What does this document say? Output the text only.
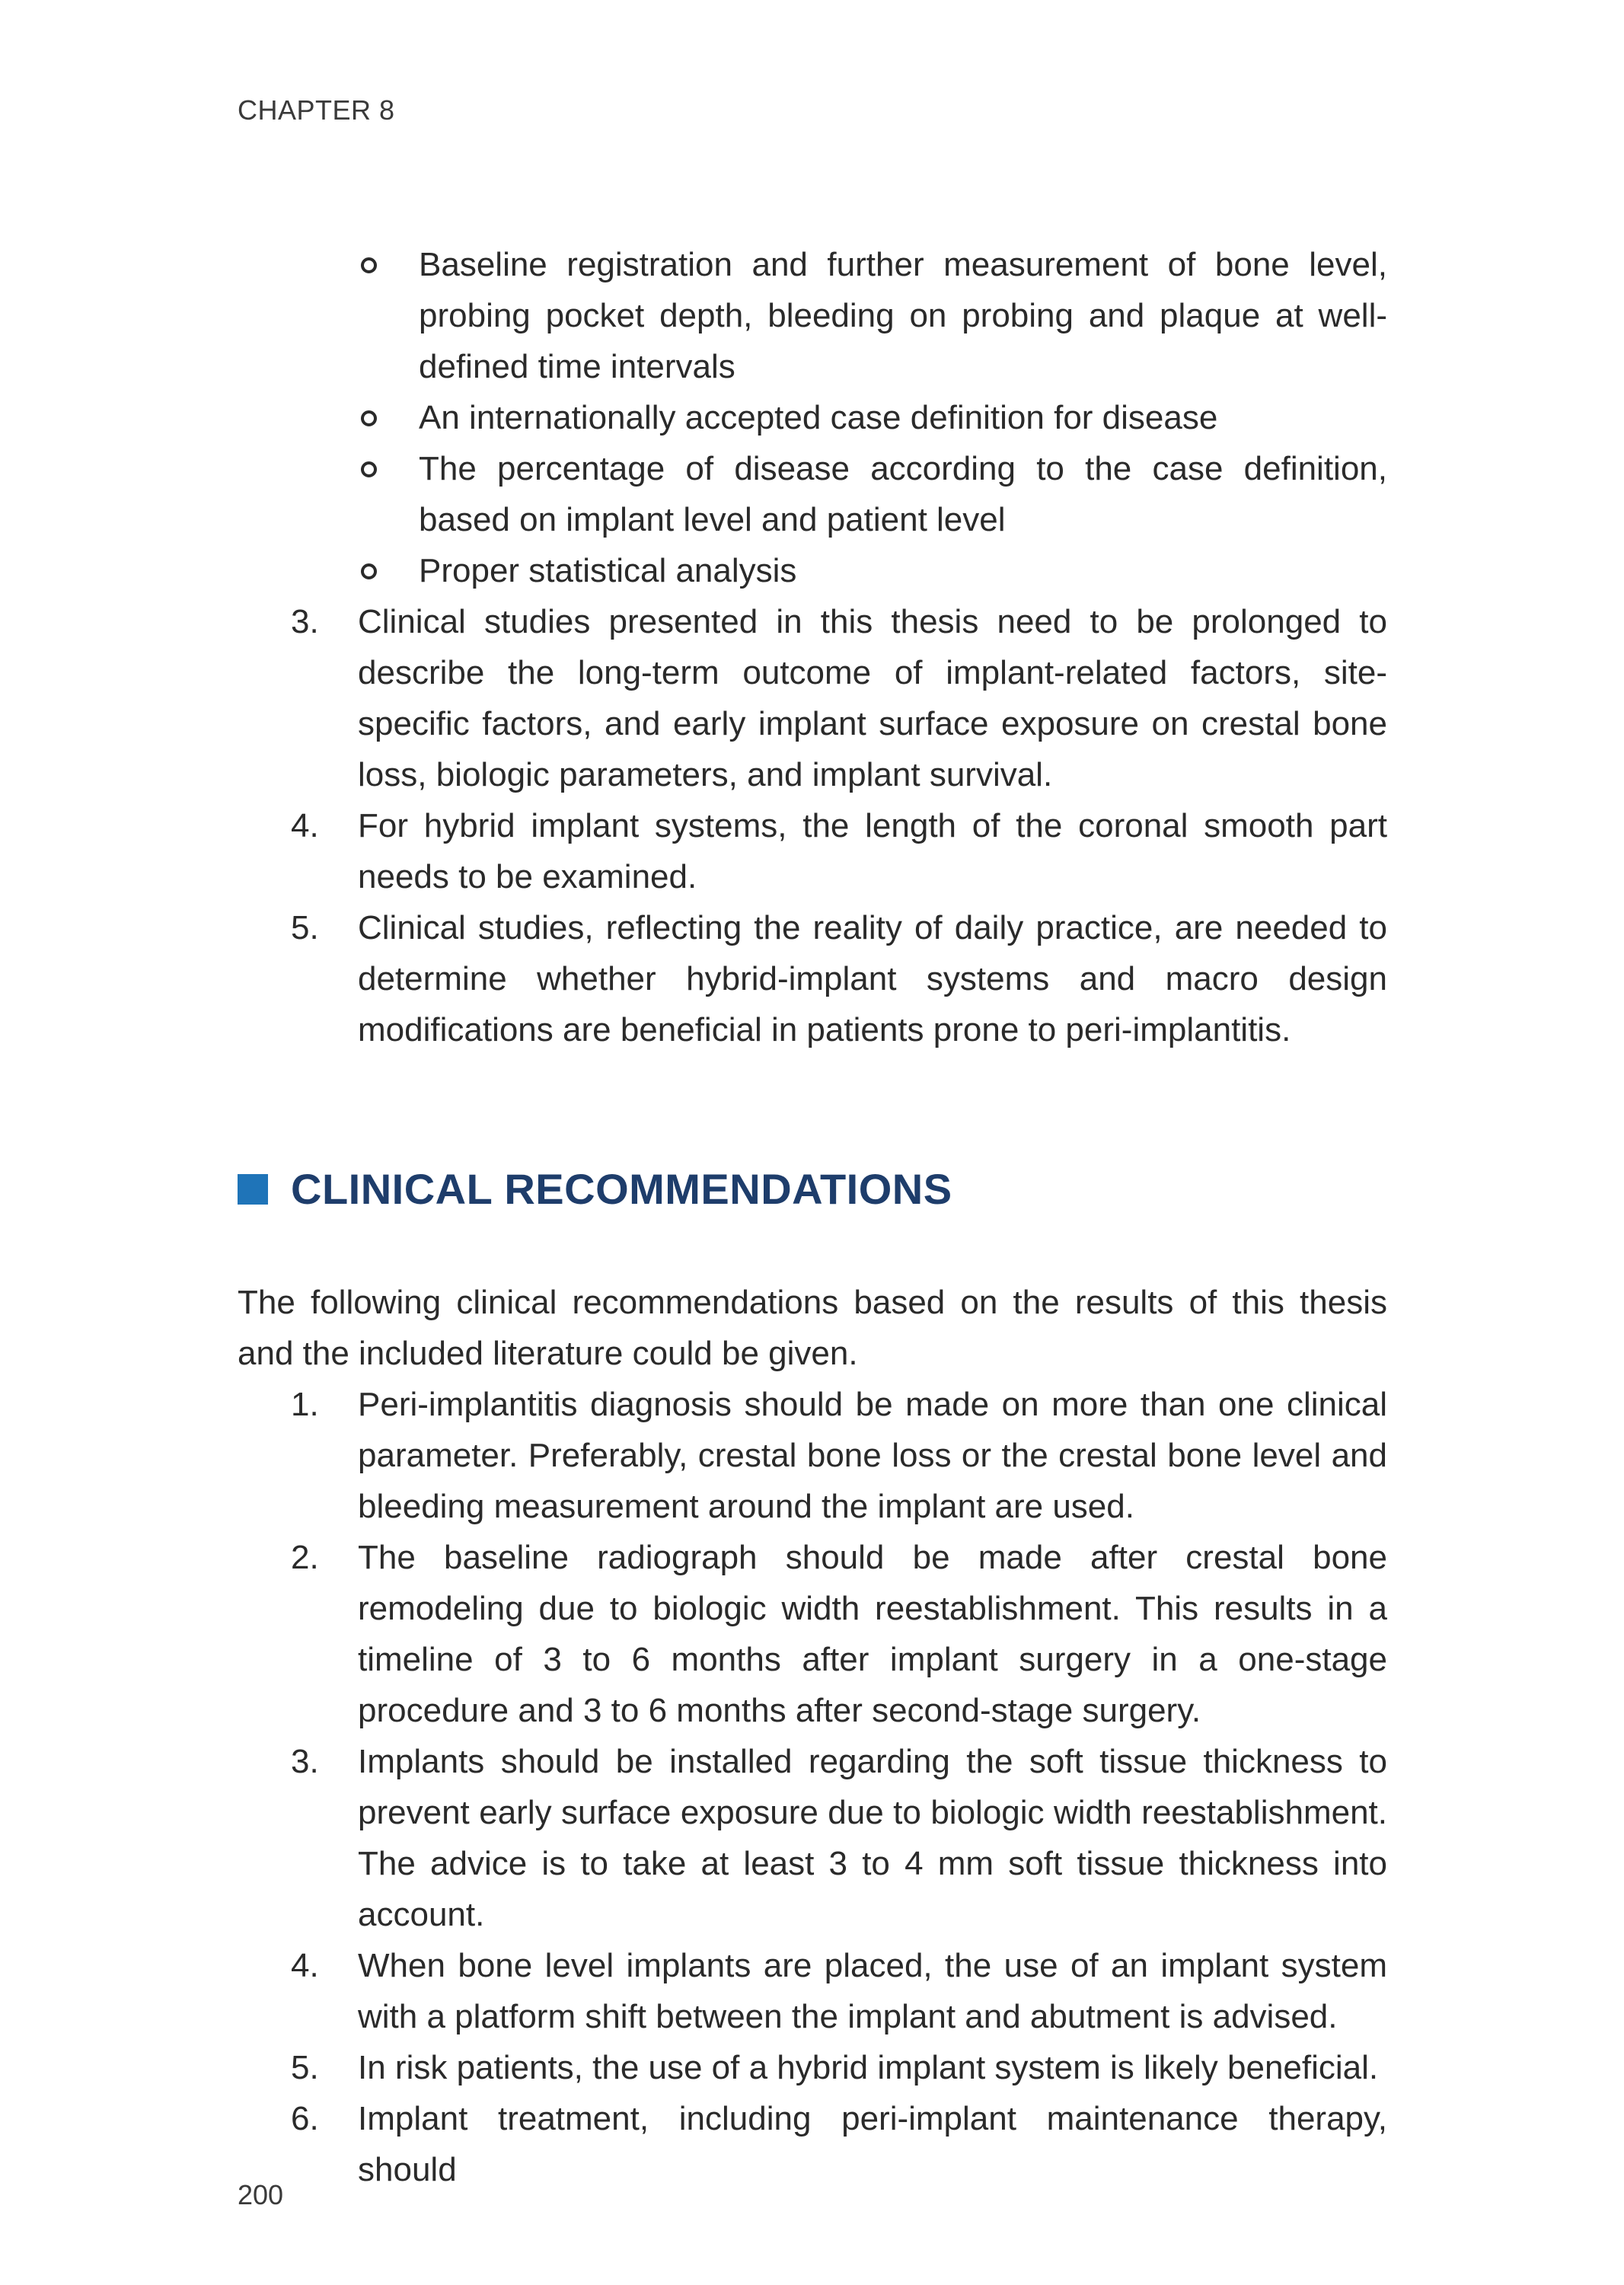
CHAPTER 8
Baseline registration and further measurement of bone level, probing pocket depth, bleeding on probing and plaque at well-defined time intervals
An internationally accepted case definition for disease
The percentage of disease according to the case definition, based on implant level and patient level
Proper statistical analysis
3.	Clinical studies presented in this thesis need to be prolonged to describe the long-term outcome of implant-related factors, site-specific factors, and early implant surface exposure on crestal bone loss, biologic parameters, and implant survival.
4.	For hybrid implant systems, the length of the coronal smooth part needs to be examined.
5.	Clinical studies, reflecting the reality of daily practice, are needed to determine whether hybrid-implant systems and macro design modifications are beneficial in patients prone to peri-implantitis.
CLINICAL RECOMMENDATIONS
The following clinical recommendations based on the results of this thesis and the included literature could be given.
1.	Peri-implantitis diagnosis should be made on more than one clinical parameter. Preferably, crestal bone loss or the crestal bone level and bleeding measurement around the implant are used.
2.	The baseline radiograph should be made after crestal bone remodeling due to biologic width reestablishment. This results in a timeline of 3 to 6 months after implant surgery in a one-stage procedure and 3 to 6 months after second-stage surgery.
3.	Implants should be installed regarding the soft tissue thickness to prevent early surface exposure due to biologic width reestablishment. The advice is to take at least 3 to 4 mm soft tissue thickness into account.
4.	When bone level implants are placed, the use of an implant system with a platform shift between the implant and abutment is advised.
5.	In risk patients, the use of a hybrid implant system is likely beneficial.
6.	Implant treatment, including peri-implant maintenance therapy, should
200
